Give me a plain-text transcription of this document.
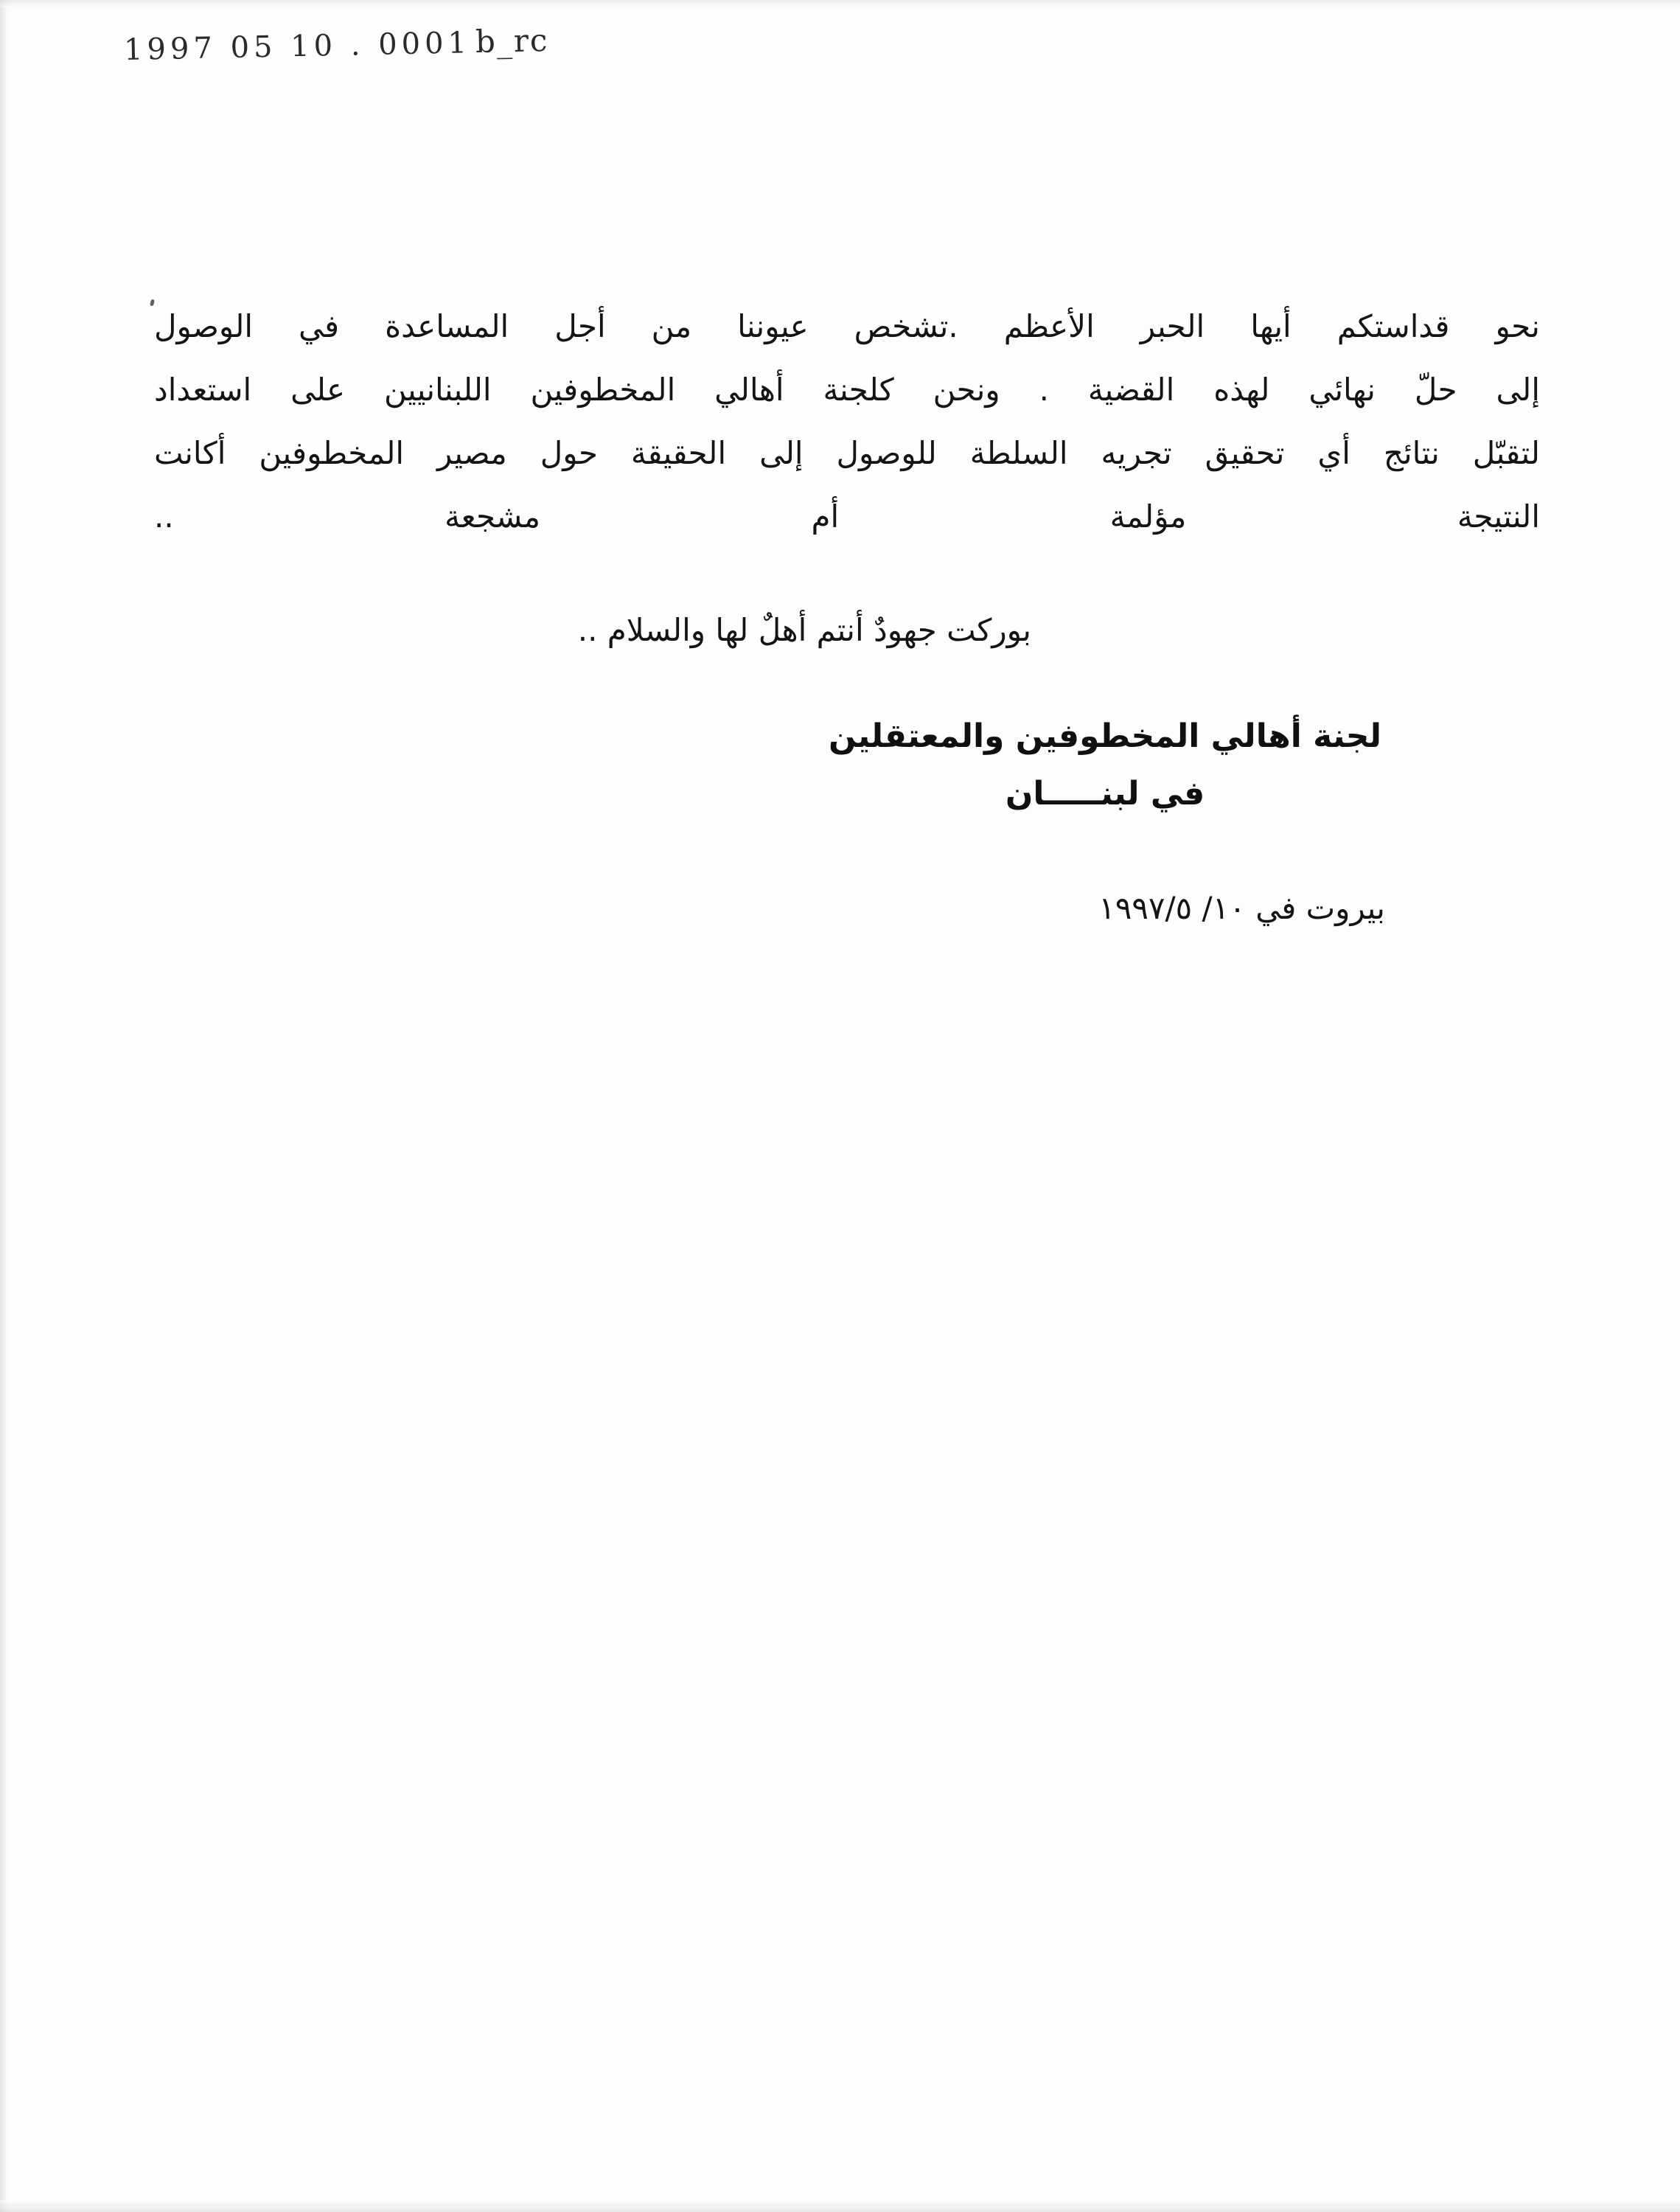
1997 05 10 . 0001 b_rc
نحو قداستكم أيها الحبر الأعظم .تشخص عيوننا من أجل المساعدة في الوصول
إلى حلّ نهائي لهذه القضية . ونحن كلجنة أهالي المخطوفين اللبنانيين على استعداد
لتقبّل نتائج أي تحقيق تجريه السلطة للوصول إلى الحقيقة حول مصير المخطوفين أكانت
النتيجة مؤلمة أم مشجعة ..
بوركت جهودٌ أنتم أهلٌ لها والسلام ..
لجنة أهالي المخطوفين والمعتقلين
في لبنـــــان
بيروت في ١٠/ ١٩٩٧/٥
